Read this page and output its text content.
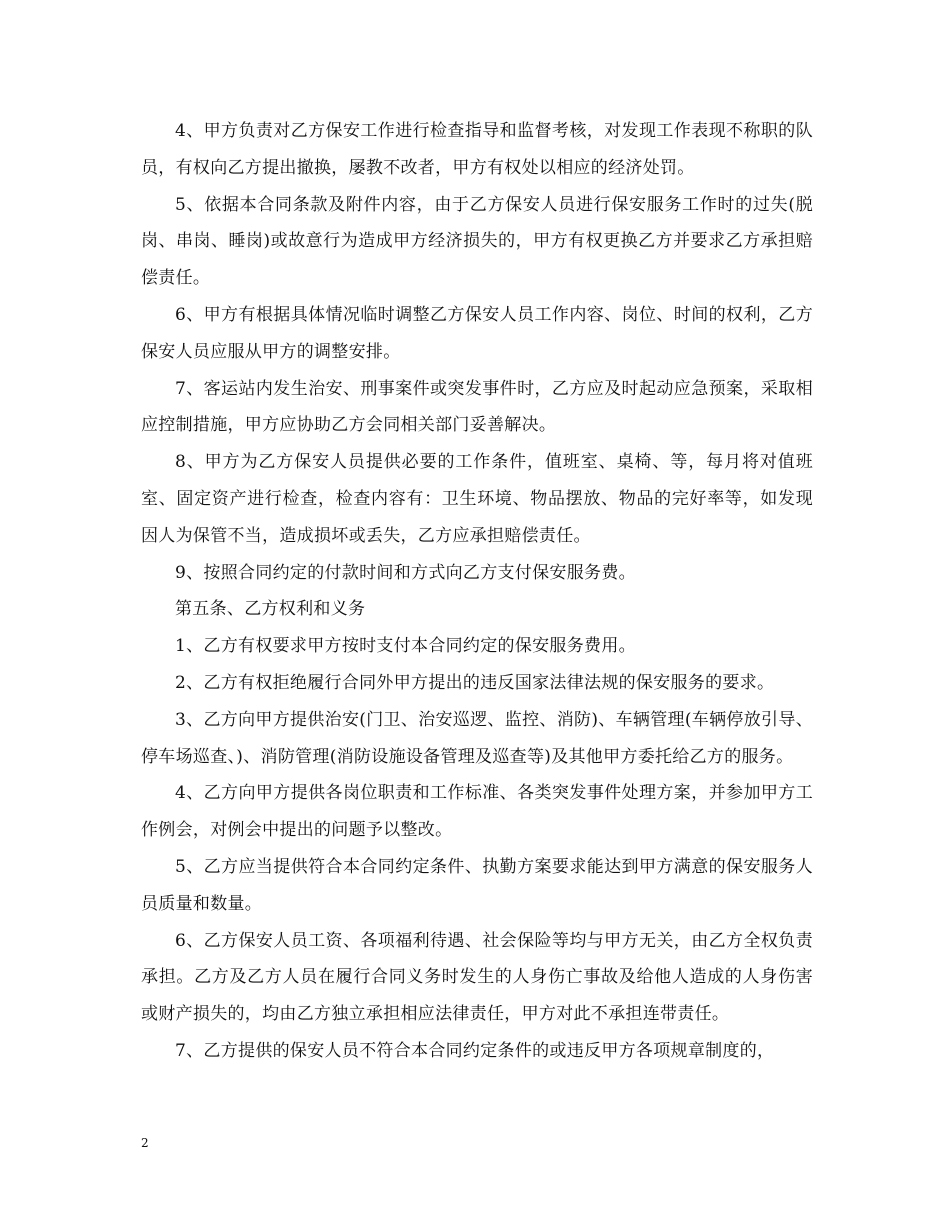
4、甲方负责对乙方保安工作进行检查指导和监督考核，对发现工作表现不称职的队员，有权向乙方提出撤换，屡教不改者，甲方有权处以相应的经济处罚。

5、依据本合同条款及附件内容，由于乙方保安人员进行保安服务工作时的过失(脱岗、串岗、睡岗)或故意行为造成甲方经济损失的，甲方有权更换乙方并要求乙方承担赔偿责任。

6、甲方有根据具体情况临时调整乙方保安人员工作内容、岗位、时间的权利，乙方保安人员应服从甲方的调整安排。

7、客运站内发生治安、刑事案件或突发事件时，乙方应及时起动应急预案，采取相应控制措施，甲方应协助乙方会同相关部门妥善解决。

8、甲方为乙方保安人员提供必要的工作条件，值班室、桌椅、等，每月将对值班室、固定资产进行检查，检查内容有：卫生环境、物品摆放、物品的完好率等，如发现因人为保管不当，造成损坏或丢失，乙方应承担赔偿责任。

9、按照合同约定的付款时间和方式向乙方支付保安服务费。

第五条、乙方权利和义务

1、乙方有权要求甲方按时支付本合同约定的保安服务费用。

2、乙方有权拒绝履行合同外甲方提出的违反国家法律法规的保安服务的要求。

3、乙方向甲方提供治安(门卫、治安巡逻、监控、消防)、车辆管理(车辆停放引导、停车场巡查、)、消防管理(消防设施设备管理及巡查等)及其他甲方委托给乙方的服务。

4、乙方向甲方提供各岗位职责和工作标准、各类突发事件处理方案，并参加甲方工作例会，对例会中提出的问题予以整改。

5、乙方应当提供符合本合同约定条件、执勤方案要求能达到甲方满意的保安服务人员质量和数量。

6、乙方保安人员工资、各项福利待遇、社会保险等均与甲方无关，由乙方全权负责承担。乙方及乙方人员在履行合同义务时发生的人身伤亡事故及给他人造成的人身伤害或财产损失的，均由乙方独立承担相应法律责任，甲方对此不承担连带责任。

7、乙方提供的保安人员不符合本合同约定条件的或违反甲方各项规章制度的，

2
